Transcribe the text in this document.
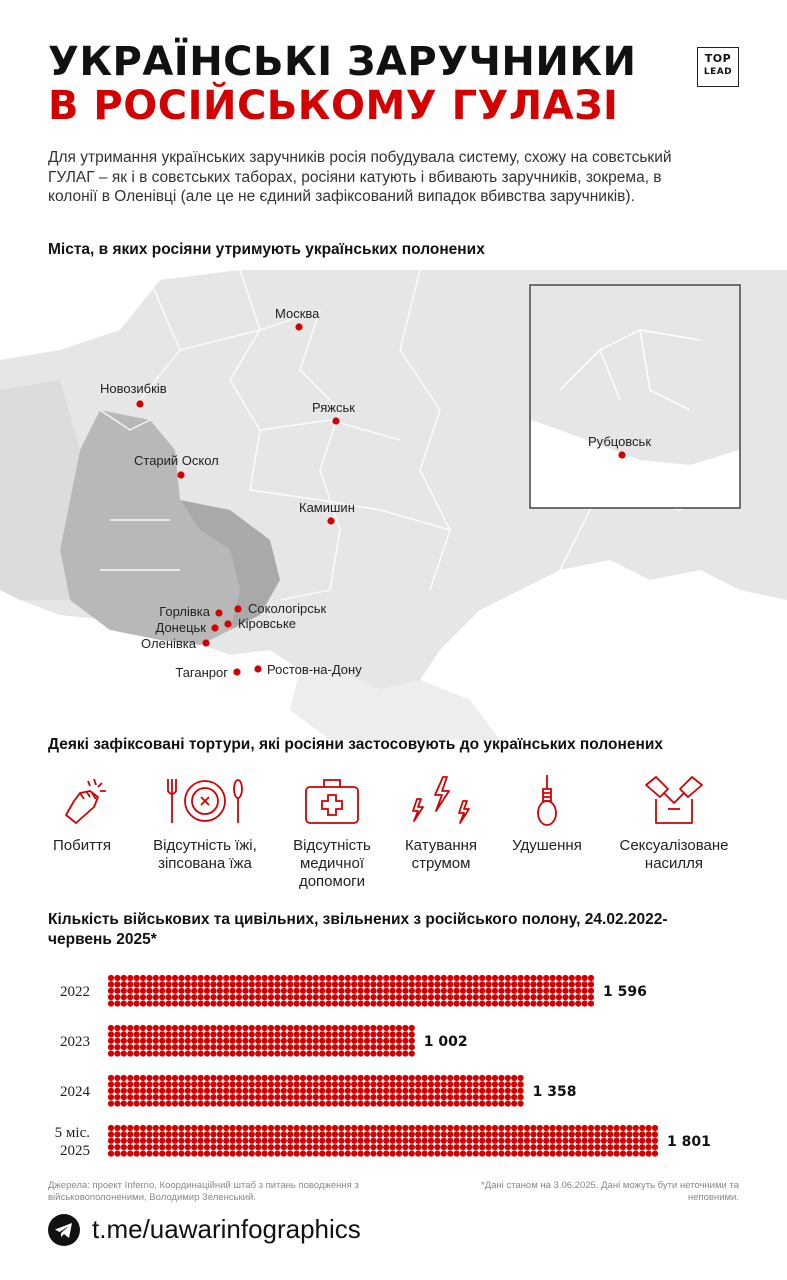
УКРАЇНСЬКІ ЗАРУЧНИКИ
В РОСІЙСЬКОМУ ГУЛАЗІ
TOP
LEAD

Для утримання українських заручників росія побудувала систему, схожу на совєтський ГУЛАГ – як і в совєтських таборах, росіяни катують і вбивають заручників, зокрема, в колонії в Оленівці (але це не єдиний зафіксований випадок вбивства заручників).

Міста, в яких росіяни утримують українських полонених
Москва
Новозибків
Ряжськ
Старий Оскол
Камишин
Горлівка	Сокологірськ
Кіровське
Донецьк
Оленівка
Таганрог	Ростов-на-Дону
Рубцовськ
Деякі зафіксовані тортури, які росіяни застосовують до українських полонених
Побиття	Відсутність їжі, зіпсована їжа
Відсутність медичної допомоги
Катування струмом
Удушення	Сексуалізоване насилля
Кількість військових та цивільних, звільнених з російського полону, 24.02.2022-червень 2025*
2022	1 596
2023	1 002
2024	1 358
5 міс.
2025
1 801

Джерела: проект Inferno, Координаційний штаб з питань поводження з військовополоненими, Володимир Зеленський.

*Дані станом на 3.06.2025. Дані можуть бути неточними та неповними.

t.me/uawarinfographics
